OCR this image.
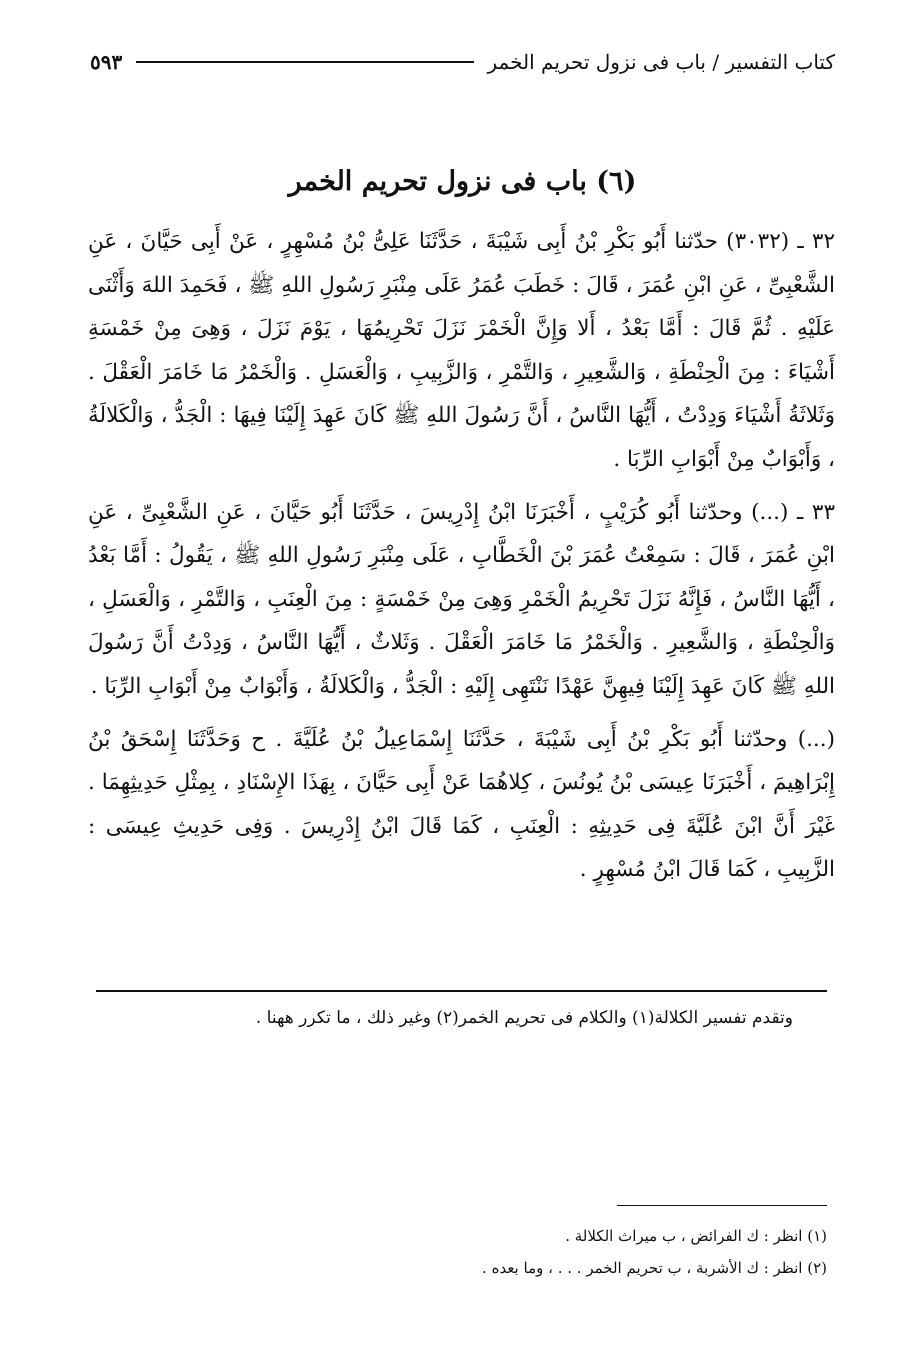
كتاب التفسير / باب فى نزول تحريم الخمر
٥٩٣
(٦) باب فى نزول تحريم الخمر

٣٢ ـ (٣٠٣٢) حدّثنا أَبُو بَكْرِ بْنُ أَبِى شَيْبَةَ ، حَدَّثَنَا عَلِىُّ بْنُ مُسْهِرٍ ، عَنْ أَبِى حَيَّانَ ، عَنِ الشَّعْبِىِّ ، عَنِ ابْنِ عُمَرَ ، قَالَ : خَطَبَ عُمَرُ عَلَى مِنْبَرِ رَسُولِ اللهِ ﷺ ، فَحَمِدَ اللهَ وَأَثْنَى عَلَيْهِ . ثُمَّ قَالَ : أَمَّا بَعْدُ ، أَلا وَإِنَّ الْخَمْرَ نَزَلَ تَحْرِيمُهَا ، يَوْمَ نَزَلَ ، وَهِىَ مِنْ خَمْسَةِ أَشْيَاءَ : مِنَ الْحِنْطَةِ ، وَالشَّعِيرِ ، وَالتَّمْرِ ، وَالزَّبِيبِ ، وَالْعَسَلِ . وَالْخَمْرُ مَا خَامَرَ الْعَقْلَ . وَثَلاثَةُ أَشْيَاءَ وَدِدْتُ ، أَيُّهَا النَّاسُ ، أَنَّ رَسُولَ اللهِ ﷺ كَانَ عَهِدَ إِلَيْنَا فِيهَا : الْجَدُّ ، وَالْكَلالَةُ ، وَأَبْوَابٌ مِنْ أَبْوَابِ الرِّبَا .

٣٣ ـ (...) وحدّثنا أَبُو كُرَيْبٍ ، أَخْبَرَنَا ابْنُ إِدْرِيسَ ، حَدَّثَنَا أَبُو حَيَّانَ ، عَنِ الشَّعْبِىِّ ، عَنِ ابْنِ عُمَرَ ، قَالَ : سَمِعْتُ عُمَرَ بْنَ الْخَطَّابِ ، عَلَى مِنْبَرِ رَسُولِ اللهِ ﷺ ، يَقُولُ : أَمَّا بَعْدُ ، أَيُّهَا النَّاسُ ، فَإِنَّهُ نَزَلَ تَحْرِيمُ الْخَمْرِ وَهِىَ مِنْ خَمْسَةٍ : مِنَ الْعِنَبِ ، وَالتَّمْرِ ، وَالْعَسَلِ ، وَالْحِنْطَةِ ، وَالشَّعِيرِ . وَالْخَمْرُ مَا خَامَرَ الْعَقْلَ . وَثَلاثٌ ، أَيُّهَا النَّاسُ ، وَدِدْتُ أَنَّ رَسُولَ اللهِ ﷺ كَانَ عَهِدَ إِلَيْنَا فِيهِنَّ عَهْدًا نَنْتَهِى إِلَيْهِ : الْجَدُّ ، وَالْكَلالَةُ ، وَأَبْوَابٌ مِنْ أَبْوَابِ الرِّبَا .

(...) وحدّثنا أَبُو بَكْرِ بْنُ أَبِى شَيْبَةَ ، حَدَّثَنَا إِسْمَاعِيلُ بْنُ عُلَيَّةَ . ح وَحَدَّثَنَا إِسْحَقُ بْنُ إِبْرَاهِيمَ ، أَخْبَرَنَا عِيسَى بْنُ يُونُسَ ، كِلاهُمَا عَنْ أَبِى حَيَّانَ ، بِهَذَا الإِسْنَادِ ، بِمِثْلِ حَدِيثِهِمَا . غَيْرَ أَنَّ ابْنَ عُلَيَّةَ فِى حَدِيثِهِ : الْعِنَبِ ، كَمَا قَالَ ابْنُ إِدْرِيسَ . وَفِى حَدِيثِ عِيسَى : الزَّبِيبِ ، كَمَا قَالَ ابْنُ مُسْهِرٍ .

وتقدم تفسير الكلالة(١) والكلام فى تحريم الخمر(٢) وغير ذلك ، ما تكرر ههنا .
(١) انظر : ك الفرائض ، ب ميراث الكلالة .
(٢) انظر : ك الأشربة ، ب تحريم الخمر . . . ، وما بعده .
